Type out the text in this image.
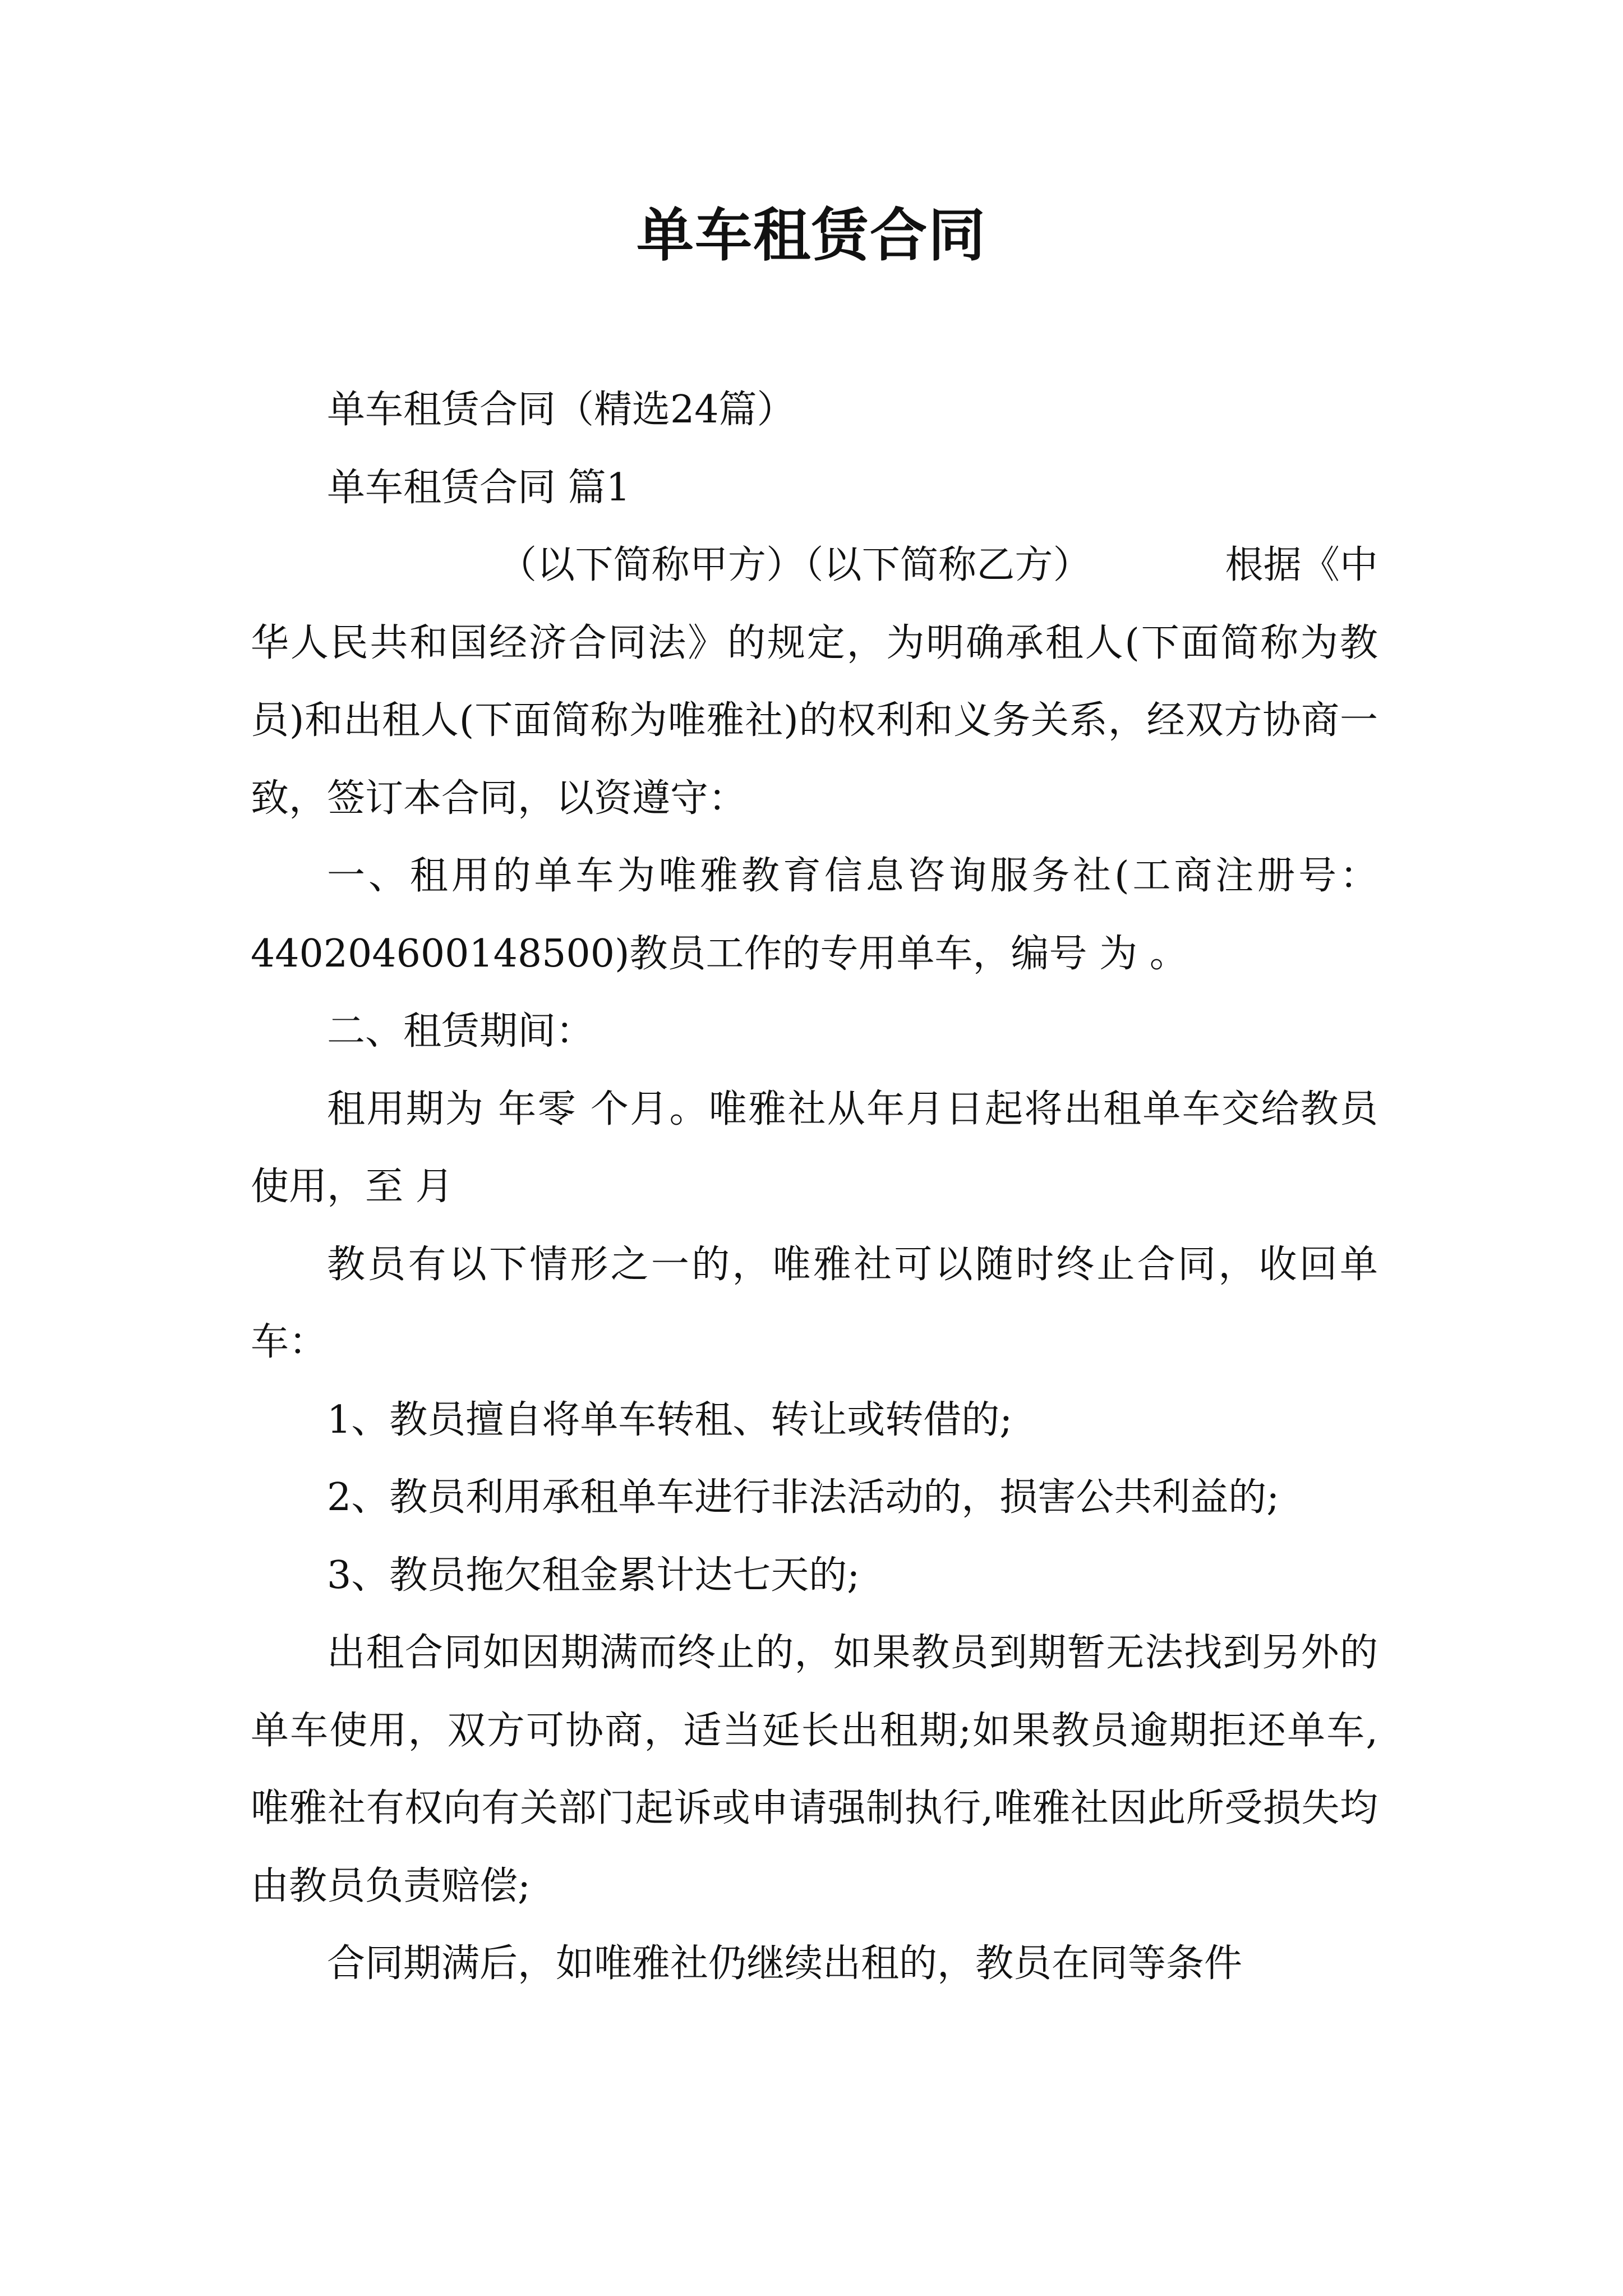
单车租赁合同

单车租赁合同（精选24篇）

单车租赁合同 篇1

（以下简称甲方）（以下简称乙方）　　　　根据《中华人民共和国经济合同法》的规定，为明确承租人(下面简称为教员)和出租人(下面简称为唯雅社)的权利和义务关系，经双方协商一致，签订本合同，以资遵守：

一、租用的单车为唯雅教育信息咨询服务社(工商注册号：440204600148500)教员工作的专用单车，编号 为 。

二、租赁期间：

租用期为 年零 个月。唯雅社从年月日起将出租单车交给教员使用，至 月

教员有以下情形之一的，唯雅社可以随时终止合同，收回单车：

1、教员擅自将单车转租、转让或转借的;

2、教员利用承租单车进行非法活动的，损害公共利益的;

3、教员拖欠租金累计达七天的;

出租合同如因期满而终止的，如果教员到期暂无法找到另外的单车使用，双方可协商，适当延长出租期;如果教员逾期拒还单车,唯雅社有权向有关部门起诉或申请强制执行,唯雅社因此所受损失均由教员负责赔偿;

合同期满后，如唯雅社仍继续出租的，教员在同等条件
